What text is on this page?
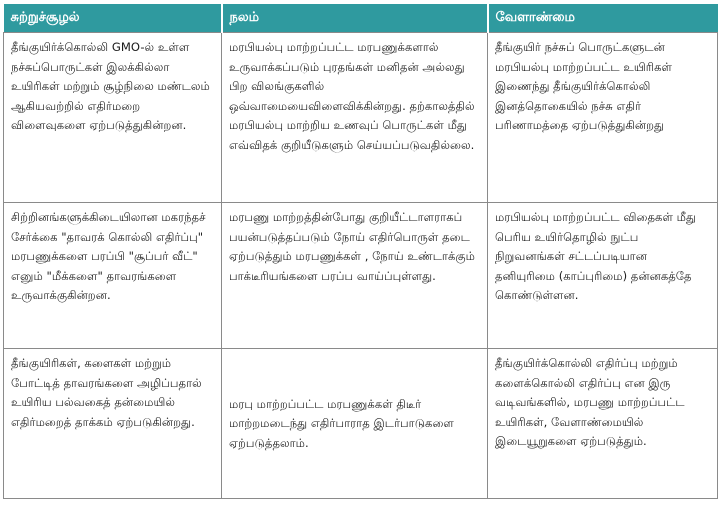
சுற்றுச்சூழல்	நலம்	வேளாண்மை

தீங்குயிர்க்கொல்லி GMO-ல் உள்ள நச்சுப்பொருட்கள் இலக்கில்லா உயிரிகள் மற்றும் சூழ்நிலை மண்டலம் ஆகியவற்றில் எதிர்மறை விளைவுகளை ஏற்படுத்துகின்றன.	மரபியல்பு மாற்றப்பட்ட மரபணுக்களால் உருவாக்கப்படும் புரதங்கள் மனிதன் அல்லது பிற விலங்குகளில் ஒவ்வாமையைவிளைவிக்கின்றது. தற்காலத்தில் மரபியல்பு மாற்றிய உணவுப் பொருட்கள் மீது எவ்விதக் குறியீடுகளும் செய்யப்படுவதில்லை.	தீங்குயிர் நச்சுப் பொருட்களுடன் மரபியல்பு மாற்றப்பட்ட உயிரிகள் இணைந்து தீங்குயிர்க்கொல்லி இனத்தொகையில் நச்சு எதிர் பரிணாமத்தை ஏற்படுத்துகின்றது

சிற்றினங்களுக்கிடையிலான மகரந்தச் சேர்க்கை "தாவரக் கொல்லி எதிர்ப்பு" மரபணுக்களை பரப்பி "சூப்பர் வீட்" எனும் "மீக்களை" தாவரங்களை உருவாக்குகின்றன.	மரபணு மாற்றத்தின்போது குறியீட்டாளராகப் பயன்படுத்தப்படும் நோய் எதிர்பொருள் தடை ஏற்படுத்தும் மரபணுக்கள் , நோய் உண்டாக்கும் பாக்டீரியங்களை பரப்ப வாய்ப்புள்ளது.	மரபியல்பு மாற்றப்பட்ட விதைகள் மீது பெரிய உயிர்தொழில் நுட்ப நிறுவனங்கள் சட்டப்படியான தனியுரிமை (காப்புரிமை) தன்னகத்தே கொண்டுள்ளன.

தீங்குயிரிகள், களைகள் மற்றும் போட்டித் தாவரங்களை அழிப்பதால் உயிரிய பல்வகைத் தன்மையில் எதிர்மறைத் தாக்கம் ஏற்படுகின்றது.	மரபு மாற்றப்பட்ட மரபணுக்கள் திடீர் மாற்றமடைந்து எதிர்பாராத இடர்பாடுகளை ஏற்படுத்தலாம்.	தீங்குயிர்க்கொல்லி எதிர்ப்பு மற்றும் களைக்கொல்லி எதிர்ப்பு என இரு வடிவங்களில், மரபணு மாற்றப்பட்ட உயிரிகள், வேளாண்மையில் இடையூறுகளை ஏற்படுத்தும்.
